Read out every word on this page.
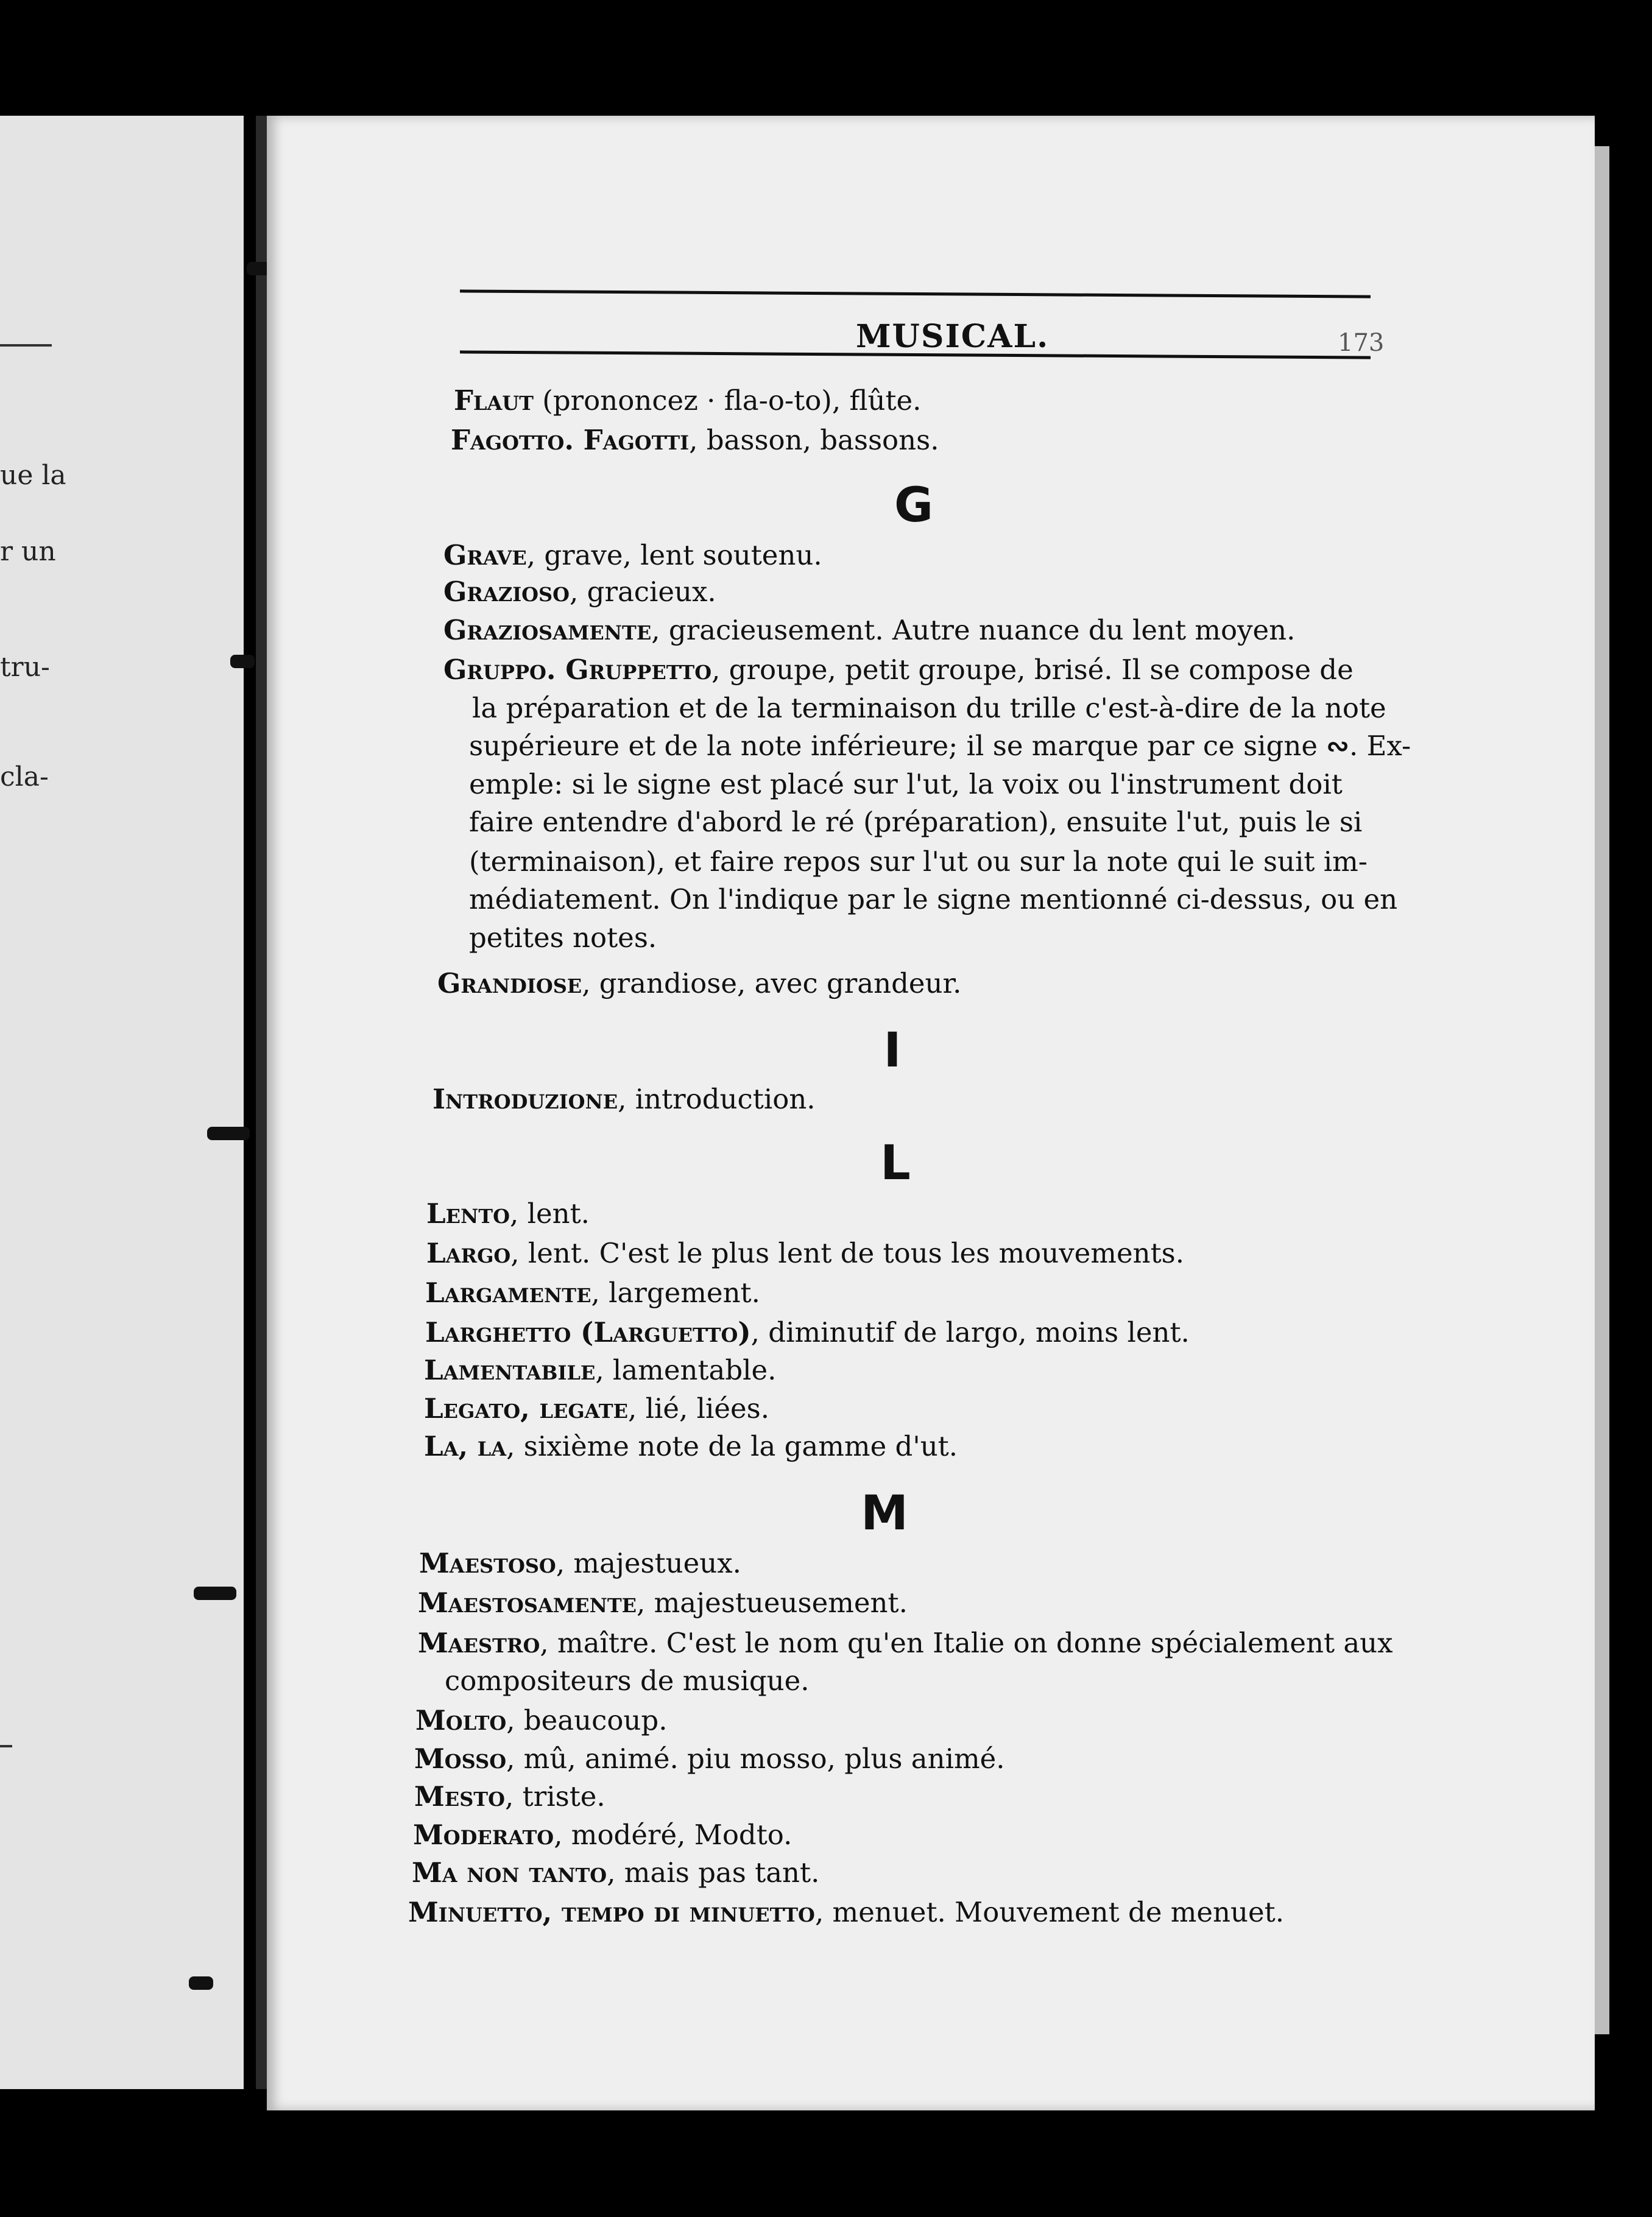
ue la
r un
tru-
cla-
MUSICAL.	173
Flaut (prononcez · fla-o-to), flûte.
Fagotto. Fagotti, basson, bassons.
G
Grave, grave, lent soutenu.
Grazioso, gracieux.
Graziosamente, gracieusement. Autre nuance du lent moyen.
Gruppo. Gruppetto, groupe, petit groupe, brisé. Il se compose de
la préparation et de la terminaison du trille c'est-à-dire de la note
supérieure et de la note inférieure; il se marque par ce signe ∾. Ex-
emple: si le signe est placé sur l'ut, la voix ou l'instrument doit
faire entendre d'abord le ré (préparation), ensuite l'ut, puis le si
(terminaison), et faire repos sur l'ut ou sur la note qui le suit im-
médiatement. On l'indique par le signe mentionné ci-dessus, ou en
petites notes.
Grandiose, grandiose, avec grandeur.
I
Introduzione, introduction.
L
Lento, lent.
Largo, lent. C'est le plus lent de tous les mouvements.
Largamente, largement.
Larghetto (Larguetto), diminutif de largo, moins lent.
Lamentabile, lamentable.
Legato, legate, lié, liées.
La, la, sixième note de la gamme d'ut.
M
Maestoso, majestueux.
Maestosamente, majestueusement.
Maestro, maître. C'est le nom qu'en Italie on donne spécialement aux
compositeurs de musique.
Molto, beaucoup.
Mosso, mû, animé. piu mosso, plus animé.
Mesto, triste.
Moderato, modéré, Modto.
Ma non tanto, mais pas tant.
Minuetto, tempo di minuetto, menuet. Mouvement de menuet.
